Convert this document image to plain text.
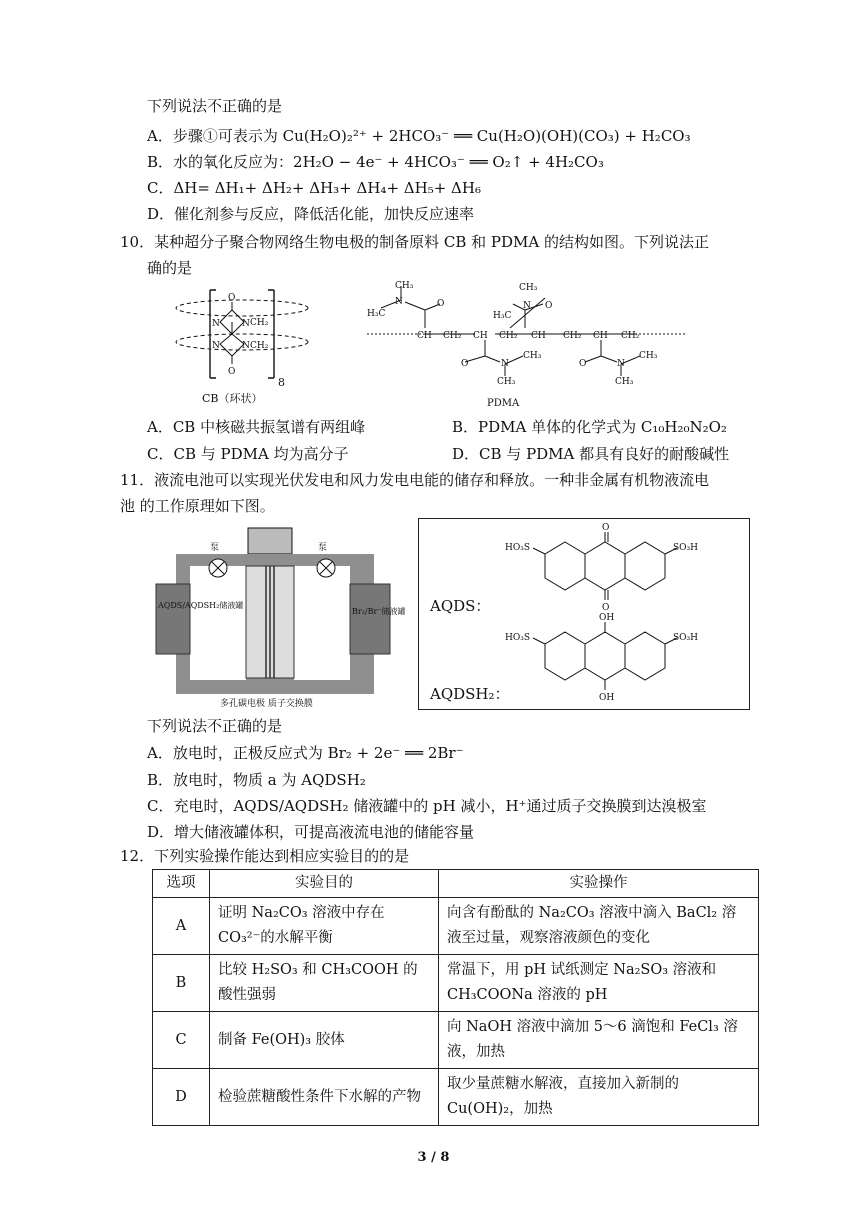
下列说法不正确的是
A．步骤①可表示为 Cu(H₂O)₂²⁺ + 2HCO₃⁻ ══ Cu(H₂O)(OH)(CO₃) + H₂CO₃
B．水的氧化反应为：2H₂O − 4e⁻ + 4HCO₃⁻ ══ O₂↑ + 4H₂CO₃
C．ΔH= ΔH₁+ ΔH₂+ ΔH₃+ ΔH₄+ ΔH₅+ ΔH₆
D．催化剂参与反应，降低活化能，加快反应速率
10．某种超分子聚合物网络生物电极的制备原料 CB 和 PDMA 的结构如图。下列说法正
确的是
O
O
N N
N N
CH₂
CH₂
8
CB（环状）
CH₃
N
H₃C
O
CH CH₂ CH CH₂ CH CH₂ CH CH₂
O	N
CH₃
CH₃
CH₃
N
H₃C
O
O	N
CH₃
CH₃
PDMA
A．CB 中核磁共振氢谱有两组峰	B．PDMA 单体的化学式为 C₁₀H₂₀N₂O₂
C．CB 与 PDMA 均为高分子	D．CB 与 PDMA 都具有良好的耐酸碱性
11．液流电池可以实现光伏发电和风力发电电能的储存和释放。一种非金属有机物液流电
池 的工作原理如下图。
泵	泵
AQDS/AQDSH₂储液罐
Br₂/Br⁻储液罐
多孔碳电极 质子交换膜
AQDS：
AQDSH₂：
O
O
HO₃S	SO₃H
OH
OH
HO₃S	SO₃H
下列说法不正确的是
A．放电时，正极反应式为 Br₂ + 2e⁻ ══ 2Br⁻
B．放电时，物质 a 为 AQDSH₂
C．充电时，AQDS/AQDSH₂ 储液罐中的 pH 减小，H⁺通过质子交换膜到达溴极室
D．增大储液罐体积，可提高液流电池的储能容量
12．下列实验操作能达到相应实验目的的是
选项	实验目的	实验操作
A	证明 Na₂CO₃ 溶液中存在 CO₃²⁻的水解平衡	向含有酚酞的 Na₂CO₃ 溶液中滴入 BaCl₂ 溶液至过量，观察溶液颜色的变化
B	比较 H₂SO₃ 和 CH₃COOH 的酸性强弱	常温下，用 pH 试纸测定 Na₂SO₃ 溶液和 CH₃COONa 溶液的 pH
C	制备 Fe(OH)₃ 胶体	向 NaOH 溶液中滴加 5～6 滴饱和 FeCl₃ 溶液，加热
D	检验蔗糖酸性条件下水解的产物	取少量蔗糖水解液，直接加入新制的 Cu(OH)₂，加热
3 / 8
